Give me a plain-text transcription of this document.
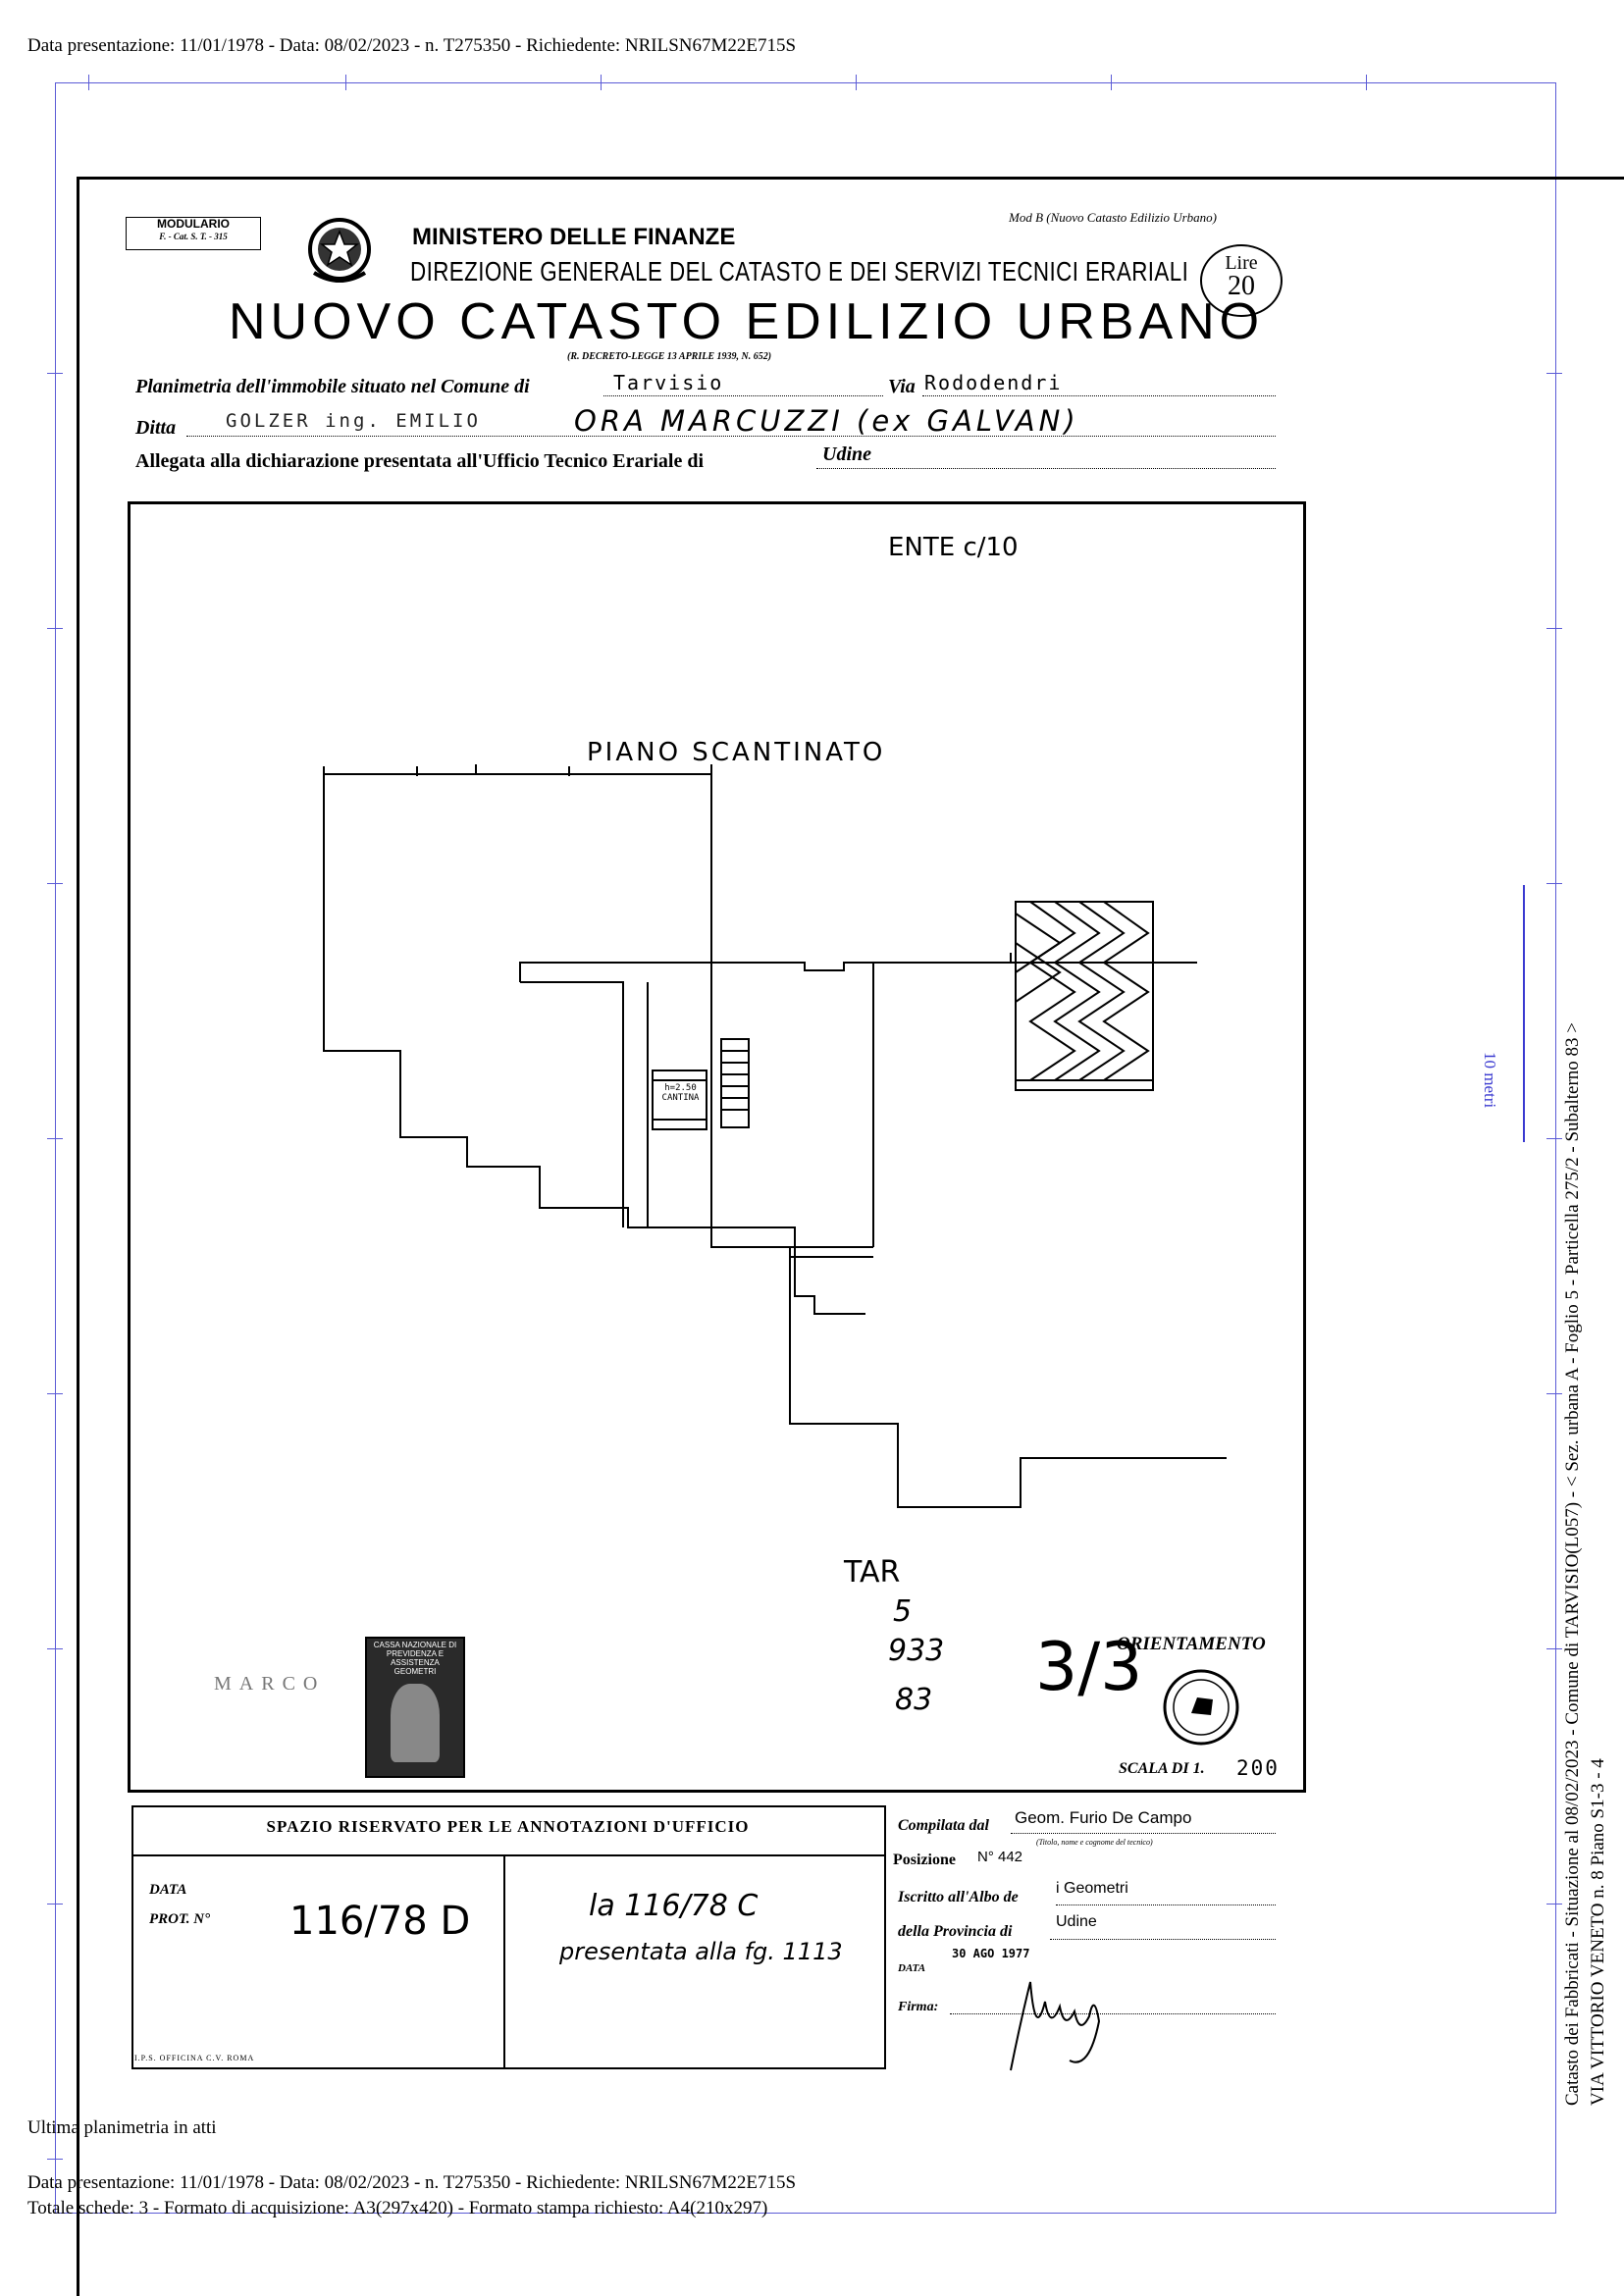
Data presentazione: 11/01/1978 - Data: 08/02/2023 - n. T275350 - Richiedente: NRILSN67M22E715S
MODULARIO
F. - Cat. S. T. - 315
Mod B (Nuovo Catasto Edilizio Urbano)
MINISTERO DELLE FINANZE
DIREZIONE GENERALE DEL CATASTO E DEI SERVIZI TECNICI ERARIALI	Lire
20
NUOVO CATASTO EDILIZIO URBANO
(R. DECRETO-LEGGE 13 APRILE 1939, N. 652)
Planimetria dell'immobile situato nel Comune di	Tarvisio	Via Rododendri
Ditta	GOLZER ing. EMILIO	ORA MARCUZZI (ex GALVAN)
Allegata alla dichiarazione presentata all'Ufficio Tecnico Erariale di	Udine
ENTE c/10
PIANO SCANTINATO
h=2.50 CANTINA
TAR
5
933
83 3/3
ORIENTAMENTO
SCALA DI 1. 200
CASSA NAZIONALE DI PREVIDENZA E ASSISTENZA GEOMETRI
MARCO
SPAZIO RISERVATO PER LE ANNOTAZIONI D'UFFICIO
DATA
PROT. N° 116/78 D	la 116/78 C
presentata alla fg. 1113
I.P.S. OFFICINA C.V. ROMA
Compilata dal Geom. Furio De Campo
(Titolo, nome e cognome del tecnico)
Posizione N° 442
Iscritto all'Albo de
i Geometri
della Provincia di
Udine
DATA
30 AGO 1977
Firma:
10 metri	Catasto dei Fabbricati - Situazione al 08/02/2023 - Comune di TARVISIO(L057) - < Sez. urbana A - Foglio 5 - Particella 275/2 - Subalterno 83 > VIA VITTORIO VENETO n. 8 Piano S1-3 - 4
Ultima planimetria in atti
Data presentazione: 11/01/1978 - Data: 08/02/2023 - n. T275350 - Richiedente: NRILSN67M22E715S
Totale schede: 3 - Formato di acquisizione: A3(297x420) - Formato stampa richiesto: A4(210x297)
